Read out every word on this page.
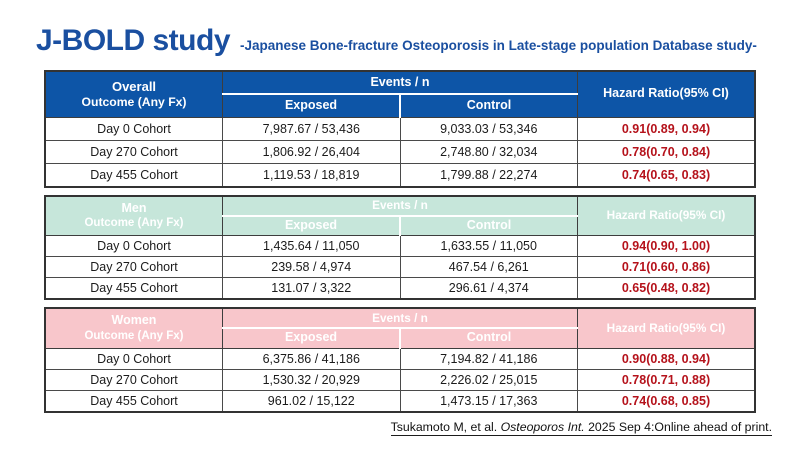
J-BOLD study -Japanese Bone-fracture Osteoporosis in Late-stage population Database study-
Overall
Outcome (Any Fx)	Events / n		Hazard Ratio(95% CI)
	Exposed	Control	
Day 0 Cohort	7,987.67 / 53,436	9,033.03 / 53,346	0.91(0.89, 0.94)
Day 270 Cohort	1,806.92 / 26,404	2,748.80 / 32,034	0.78(0.70, 0.84)
Day 455 Cohort	1,119.53 / 18,819	1,799.88 / 22,274	0.74(0.65, 0.83)
Men
Outcome (Any Fx)	Events / n		Hazard Ratio(95% CI)
	Exposed	Control	
Day 0 Cohort	1,435.64 / 11,050	1,633.55 / 11,050	0.94(0.90, 1.00)
Day 270 Cohort	239.58 / 4,974	467.54 / 6,261	0.71(0.60, 0.86)
Day 455 Cohort	131.07 / 3,322	296.61 / 4,374	0.65(0.48, 0.82)
Women
Outcome (Any Fx)	Events / n		Hazard Ratio(95% CI)
	Exposed	Control	
Day 0 Cohort	6,375.86 / 41,186	7,194.82 / 41,186	0.90(0.88, 0.94)
Day 270 Cohort	1,530.32 / 20,929	2,226.02 / 25,015	0.78(0.71, 0.88)
Day 455 Cohort	961.02 / 15,122	1,473.15 / 17,363	0.74(0.68, 0.85)
Tsukamoto M, et al. Osteoporos Int. 2025 Sep 4:Online ahead of print.
